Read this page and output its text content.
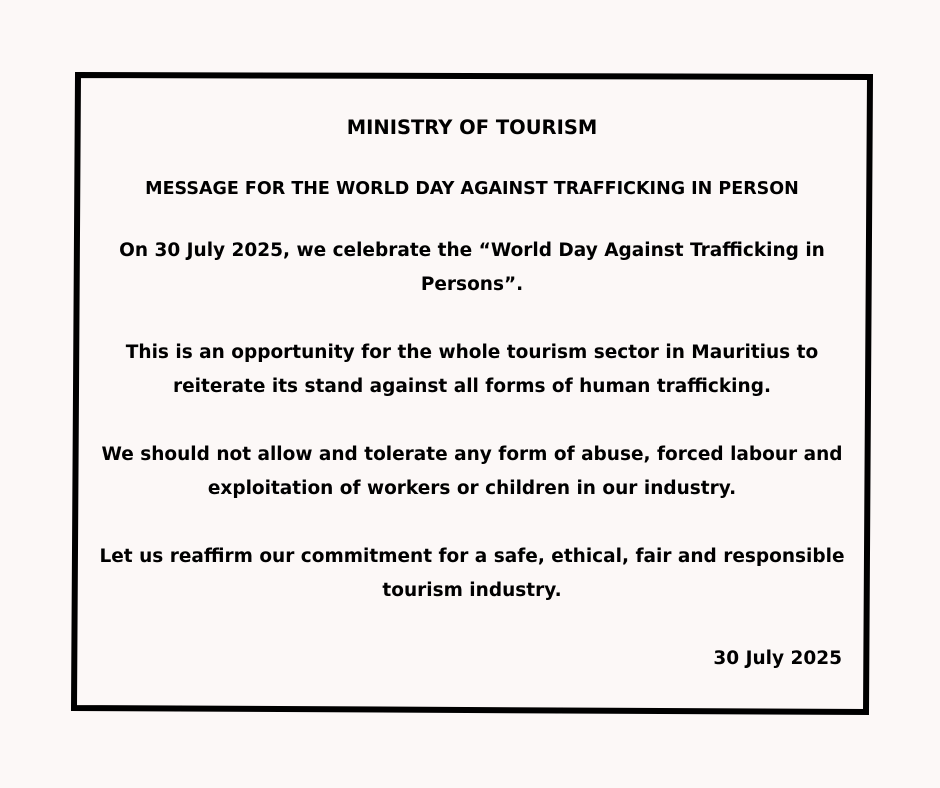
MINISTRY OF TOURISM

MESSAGE FOR THE WORLD DAY AGAINST TRAFFICKING IN PERSON

On 30 July 2025, we celebrate the “World Day Against Trafficking in Persons”.

This is an opportunity for the whole tourism sector in Mauritius to reiterate its stand against all forms of human trafficking.

We should not allow and tolerate any form of abuse, forced labour and exploitation of workers or children in our industry.

Let us reaffirm our commitment for a safe, ethical, fair and responsible tourism industry.

30 July 2025
